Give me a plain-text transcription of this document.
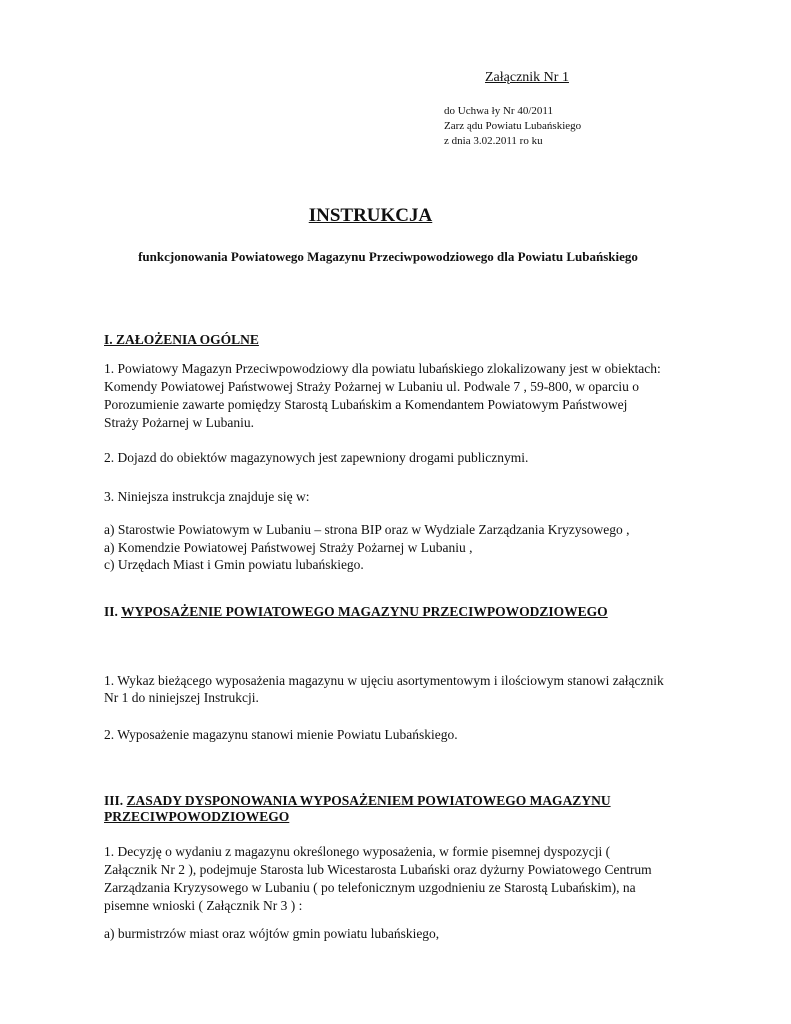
Załącznik Nr 1
do Uchwa ły Nr 40/2011
Zarz ądu Powiatu Lubańskiego
z dnia 3.02.2011 ro ku
INSTRUKCJA
funkcjonowania Powiatowego Magazynu Przeciwpowodziowego dla Powiatu Lubańskiego
I. ZAŁOŻENIA OGÓLNE
1. Powiatowy Magazyn Przeciwpowodziowy dla powiatu lubańskiego zlokalizowany jest w obiektach:
Komendy Powiatowej Państwowej Straży Pożarnej w Lubaniu ul. Podwale 7 , 59-800, w oparciu o
Porozumienie zawarte pomiędzy Starostą Lubańskim a Komendantem Powiatowym Państwowej
Straży Pożarnej w Lubaniu.
2. Dojazd do obiektów magazynowych jest zapewniony drogami publicznymi.
3. Niniejsza instrukcja znajduje się w:
a) Starostwie Powiatowym w Lubaniu – strona BIP oraz w Wydziale Zarządzania Kryzysowego ,
a) Komendzie Powiatowej Państwowej Straży Pożarnej w Lubaniu ,
c) Urzędach Miast i Gmin powiatu lubańskiego.
II. WYPOSAŻENIE POWIATOWEGO MAGAZYNU PRZECIWPOWODZIOWEGO
1. Wykaz bieżącego wyposażenia magazynu w ujęciu asortymentowym i ilościowym stanowi załącznik
Nr 1 do niniejszej Instrukcji.
2. Wyposażenie magazynu stanowi mienie Powiatu Lubańskiego.
III. ZASADY DYSPONOWANIA WYPOSAŻENIEM POWIATOWEGO MAGAZYNU
PRZECIWPOWODZIOWEGO
1. Decyzję o wydaniu z magazynu określonego wyposażenia, w formie pisemnej dyspozycji (
Załącznik Nr 2 ), podejmuje Starosta lub Wicestarosta Lubański oraz dyżurny Powiatowego Centrum
Zarządzania Kryzysowego w Lubaniu ( po telefonicznym uzgodnieniu ze Starostą Lubańskim), na
pisemne wnioski ( Załącznik Nr 3 ) :
a) burmistrzów miast oraz wójtów gmin powiatu lubańskiego,
